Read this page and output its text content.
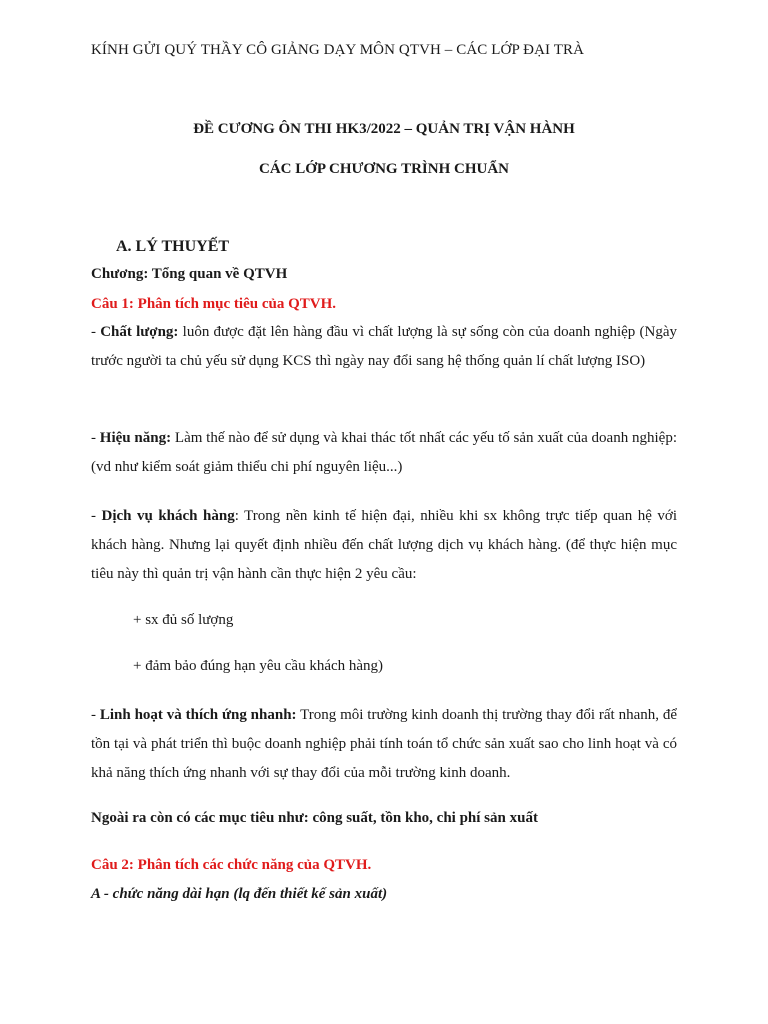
KÍNH GỬI QUÝ THẦY CÔ GIẢNG DẠY MÔN QTVH – CÁC LỚP ĐẠI TRÀ
ĐỀ CƯƠNG ÔN THI HK3/2022 – QUẢN TRỊ VẬN HÀNH
CÁC LỚP CHƯƠNG TRÌNH CHUẨN
A. LÝ THUYẾT
Chương: Tổng quan về QTVH
Câu 1: Phân tích mục tiêu của QTVH.
- Chất lượng: luôn được đặt lên hàng đầu vì chất lượng là sự sống còn của doanh nghiệp (Ngày trước người ta chủ yếu sử dụng KCS thì ngày nay đổi sang hệ thống quản lí chất lượng ISO)
- Hiệu năng: Làm thế nào để sử dụng và khai thác tốt nhất các yếu tố sản xuất của doanh nghiệp: (vd như kiểm soát giảm thiểu chi phí nguyên liệu...)
- Dịch vụ khách hàng: Trong nền kinh tế hiện đại, nhiều khi sx không trực tiếp quan hệ với khách hàng. Nhưng lại quyết định nhiều đến chất lượng dịch vụ khách hàng. (để thực hiện mục tiêu này thì quản trị vận hành cần thực hiện 2 yêu cầu:
+ sx đủ số lượng
+ đảm bảo đúng hạn yêu cầu khách hàng)
- Linh hoạt và thích ứng nhanh: Trong môi trường kinh doanh thị trường thay đổi rất nhanh, để tồn tại và phát triển thì buộc doanh nghiệp phải tính toán tổ chức sản xuất sao cho linh hoạt và có khả năng thích ứng nhanh với sự thay đổi của mỗi trường kinh doanh.
Ngoài ra còn có các mục tiêu như: công suất, tồn kho, chi phí sản xuất
Câu 2: Phân tích các chức năng của QTVH.
A - chức năng dài hạn (lq đến thiết kế sản xuất)
